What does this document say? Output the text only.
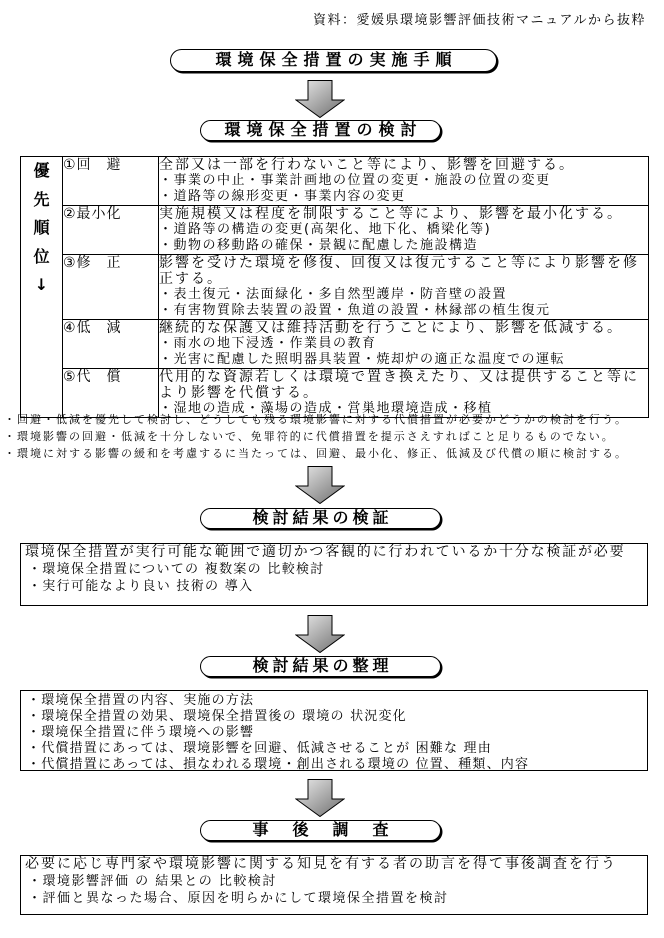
資料：愛媛県環境影響評価技術マニュアルから抜粋
環境保全措置の実施手順
環境保全措置の検討
優先順位↓	①回　避	全部又は一部を行わないこと等により、影響を回避する。
・事業の中止・事業計画地の位置の変更・施設の位置の変更
・道路等の線形変更・事業内容の変更

	②最小化	実施規模又は程度を制限すること等により、影響を最小化する。
・道路等の構造の変更(高架化、地下化、橋梁化等)
・動物の移動路の確保・景観に配慮した施設構造

	③修　正	影響を受けた環境を修復、回復又は復元すること等により影響を修正する。
・表土復元・法面緑化・多自然型護岸・防音壁の設置
・有害物質除去装置の設置・魚道の設置・林縁部の植生復元

	④低　減	継続的な保護又は維持活動を行うことにより、影響を低減する。
・雨水の地下浸透・作業員の教育
・光害に配慮した照明器具装置・焼却炉の適正な温度での運転

	⑤代　償	代用的な資源若しくは環境で置き換えたり、又は提供すること等により影響を代償する。
・湿地の造成・藻場の造成・営巣地環境造成・移植
・回避・低減を優先して検討し、どうしても残る環境影響に対する代償措置が必要かどうかの検討を行う。
・環境影響の回避・低減を十分しないで、免罪符的に代償措置を提示さえすればこと足りるものでない。
・環境に対する影響の緩和を考慮するに当たっては、回避、最小化、修正、低減及び代償の順に検討する。
検討結果の検証
環境保全措置が実行可能な範囲で適切かつ客観的に行われているか十分な検証が必要
・環境保全措置についての 複数案の 比較検討
・実行可能なより良い 技術の 導入
検討結果の整理
・環境保全措置の内容、実施の方法
・環境保全措置の効果、環境保全措置後の 環境の 状況変化
・環境保全措置に伴う環境への影響
・代償措置にあっては、環境影響を回避、低減させることが 困難な 理由
・代償措置にあっては、損なわれる環境・創出される環境の 位置、種類、内容
事　後　調　査
必要に応じ専門家や環境影響に関する知見を有する者の助言を得て事後調査を行う
・環境影響評価 の 結果との 比較検討
・評価と異なった場合、原因を明らかにして環境保全措置を検討
